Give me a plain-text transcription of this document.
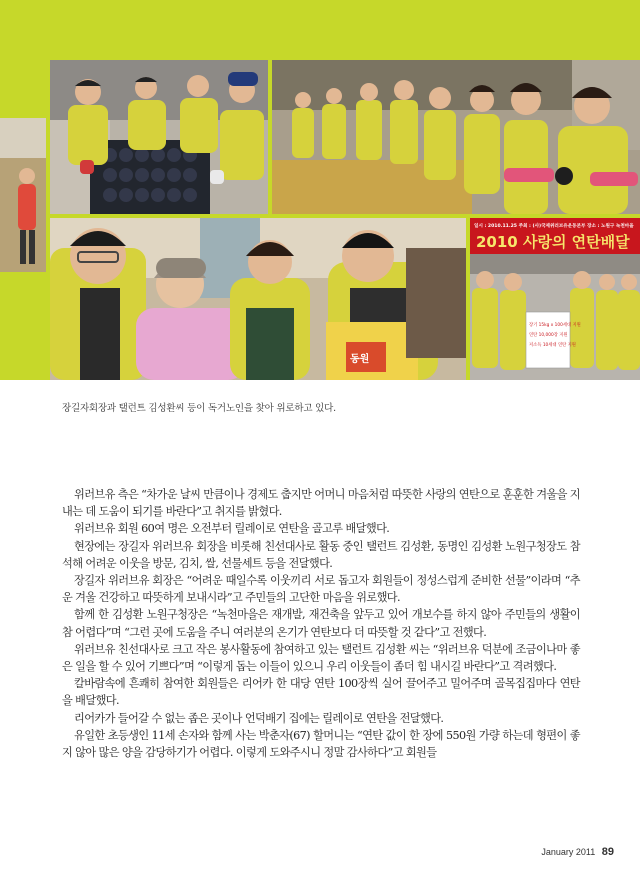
동원
일시 : 2010.11.25 주최 : (사)국제위러브유운동본부 장소 : 노원구 녹천마을
2010 사랑의 연탄배달
장기 15kg x 100세대 지원
연탄 10,000장 지원
저소득 10세대 연탄 지원
장길자회장과 탤런트 김성환씨 등이 독거노인을 찾아 위로하고 있다.

위러브유 측은 “차가운 날씨 만큼이나 경제도 춥지만 어머니 마음처럼 따뜻한 사랑의 연탄으로 훈훈한 겨울을 지내는 데 도움이 되기를 바란다”고 취지를 밝혔다.

위러브유 회원 60여 명은 오전부터 릴레이로 연탄을 골고루 배달했다.

현장에는 장길자 위러브유 회장을 비롯해 친선대사로 활동 중인 탤런트 김성환, 동명인 김성환 노원구청장도 참석해 어려운 이웃을 방문, 김치, 쌀, 선물세트 등을 전달했다.

장길자 위러브유 회장은 “어려운 때일수록 이웃끼리 서로 돕고자 회원들이 정성스럽게 준비한 선물”이라며 “추운 겨울 건강하고 따뜻하게 보내시라”고 주민들의 고단한 마음을 위로했다.

함께 한 김성환 노원구청장은 “녹천마을은 재개발, 재건축을 앞두고 있어 개보수를 하지 않아 주민들의 생활이 참 어렵다”며 “그런 곳에 도움을 주니 여러분의 온기가 연탄보다 더 따뜻할 것 같다”고 전했다.

위러브유 친선대사로 크고 작은 봉사활동에 참여하고 있는 탤런트 김성환 씨는 “위러브유 덕분에 조금이나마 좋은 일을 할 수 있어 기쁘다”며 “이렇게 돕는 이들이 있으니 우리 이웃들이 좀더 힘 내시길 바란다”고 격려했다.

칼바람속에 흔쾌히 참여한 회원들은 리어카 한 대당 연탄 100장씩 실어 끌어주고 밀어주며 골목집집마다 연탄을 배달했다.

리어카가 들어갈 수 없는 좁은 곳이나 언덕배기 집에는 릴레이로 연탄을 전달했다.

유일한 초등생인 11세 손자와 함께 사는 박춘자(67) 할머니는 “연탄 값이 한 장에 550원 가량 하는데 형편이 좋지 않아 많은 양을 감당하기가 어렵다. 이렇게 도와주시니 정말 감사하다”고 회원들

January 2011 89
